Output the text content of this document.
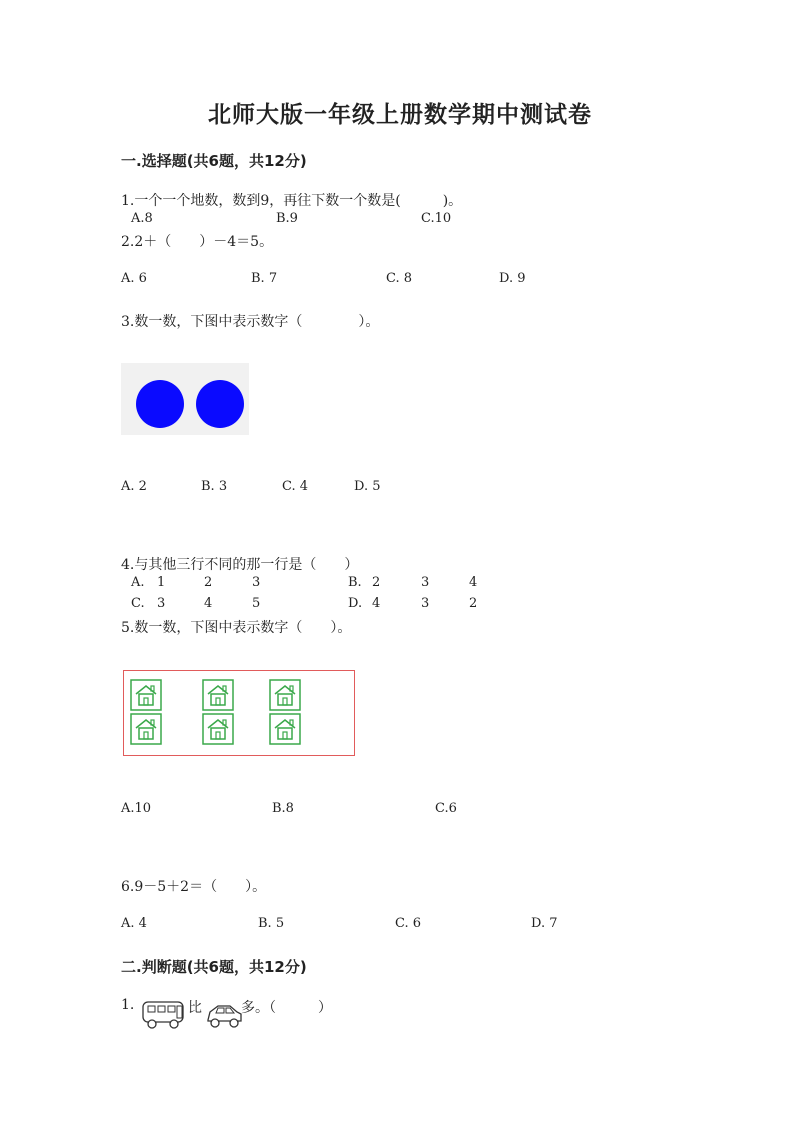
北师大版一年级上册数学期中测试卷
一.选择题(共6题，共12分)
1.一个一个地数，数到9，再往下数一个数是(　　　)。
A.8	B.9	C.10
2.2＋（　　）－4＝5。
A. 6	B. 7	C. 8	D. 9
3.数一数，下图中表示数字（　　　　）。
A. 2	B. 3	C. 4	D. 5
4.与其他三行不同的那一行是（　　）
A. 1	2	3	B. 2	3	4
C. 3	4	5	D. 4	3	2
5.数一数，下图中表示数字（　　）。
A.10	B.8	C.6
6.9－5＋2＝（　　）。
A. 4	B. 5	C. 6	D. 7
二.判断题(共6题，共12分)
1.	比	多。（　　　）
